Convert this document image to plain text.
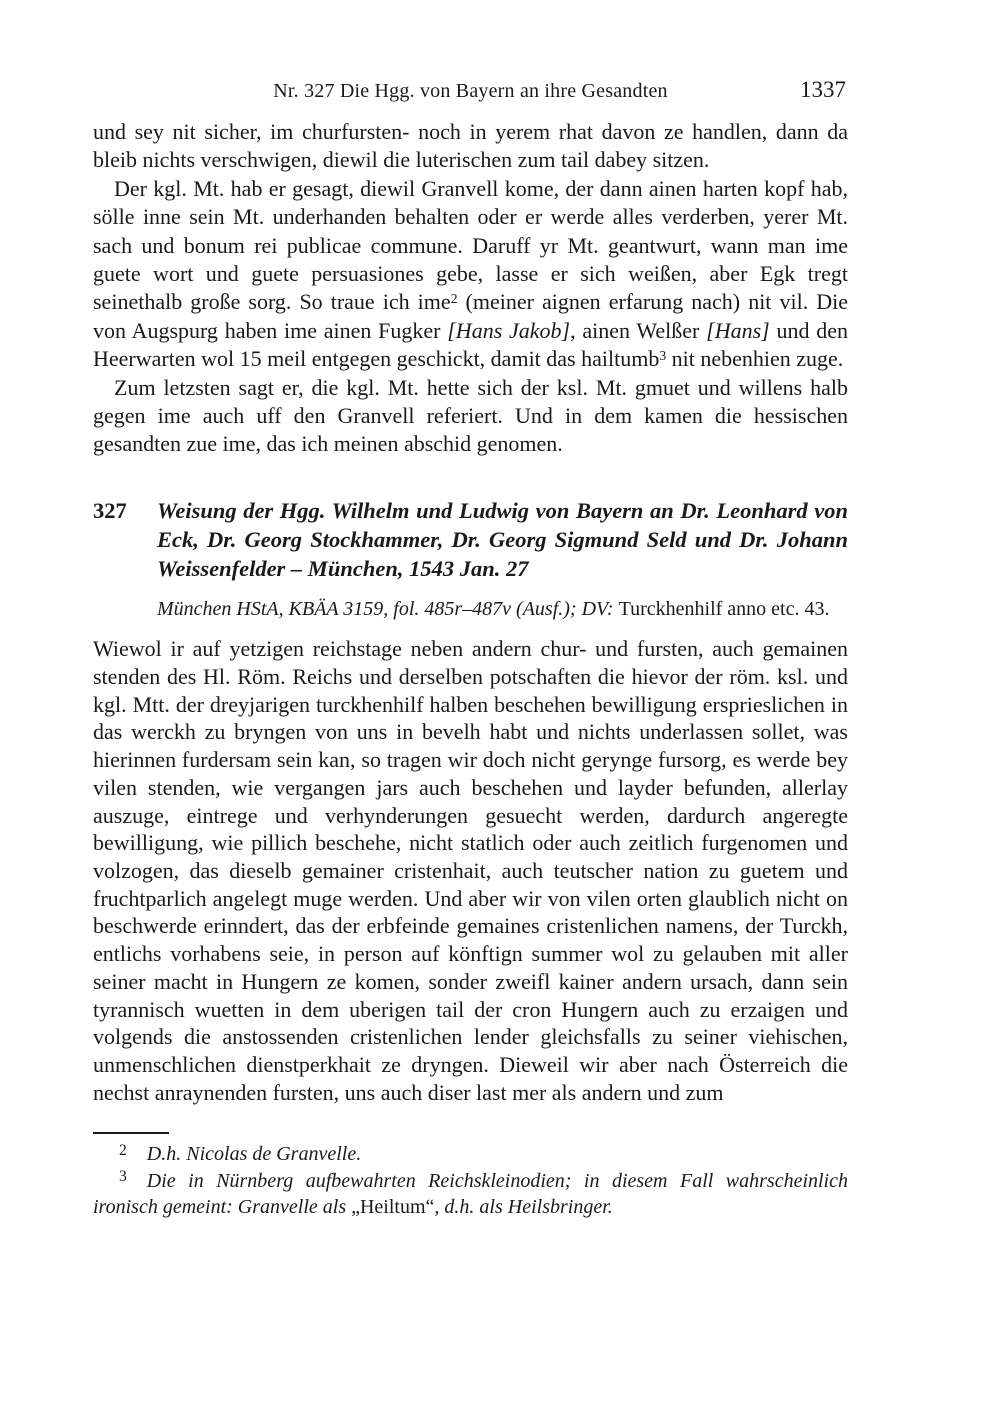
Nr. 327 Die Hgg. von Bayern an ihre Gesandten	1337

und sey nit sicher, im churfursten- noch in yerem rhat davon ze handlen, dann da bleib nichts verschwigen, diewil die luterischen zum tail dabey sitzen.

Der kgl. Mt. hab er gesagt, diewil Granvell kome, der dann ainen harten kopf hab, sölle inne sein Mt. underhanden behalten oder er werde alles verderben, yerer Mt. sach und bonum rei publicae commune. Daruff yr Mt. geantwurt, wann man ime guete wort und guete persuasiones gebe, lasse er sich weißen, aber Egk tregt seinethalb große sorg. So traue ich ime$^2$ (meiner aignen erfarung nach) nit vil. Die von Augspurg haben ime ainen Fugker [Hans Jakob], ainen Welßer [Hans] und den Heerwarten wol 15 meil entgegen geschickt, damit das hailtumb$^3$ nit nebenhien zuge.

Zum letzsten sagt er, die kgl. Mt. hette sich der ksl. Mt. gmuet und willens halb gegen ime auch uff den Granvell referiert. Und in dem kamen die hessischen gesandten zue ime, das ich meinen abschid genomen.

327	Weisung der Hgg. Wilhelm und Ludwig von Bayern an Dr. Leonhard von Eck, Dr. Georg Stockhammer, Dr. Georg Sigmund Seld und Dr. Johann Weissenfelder – München, 1543 Jan. 27

München HStA, KBÄA 3159, fol. 485r–487v (Ausf.); DV: Turckhenhilf anno etc. 43.

Wiewol ir auf yetzigen reichstage neben andern chur- und fursten, auch gemainen stenden des Hl. Röm. Reichs und derselben potschaften die hievor der röm. ksl. und kgl. Mtt. der dreyjarigen turckhenhilf halben beschehen bewilligung ersprieslichen in das werckh zu bryngen von uns in bevelh habt und nichts underlassen sollet, was hierinnen furdersam sein kan, so tragen wir doch nicht gerynge fursorg, es werde bey vilen stenden, wie vergangen jars auch beschehen und layder befunden, allerlay auszuge, eintrege und verhynderungen gesuecht werden, dardurch angeregte bewilligung, wie pillich beschehe, nicht statlich oder auch zeitlich furgenomen und volzogen, das dieselb gemainer cristenhait, auch teutscher nation zu guetem und fruchtparlich angelegt muge werden. Und aber wir von vilen orten glaublich nicht on beschwerde erinndert, das der erbfeinde gemaines cristenlichen namens, der Turckh, entlichs vorhabens seie, in person auf könftign summer wol zu gelauben mit aller seiner macht in Hungern ze komen, sonder zweifl kainer andern ursach, dann sein tyrannisch wuetten in dem uberigen tail der cron Hungern auch zu erzaigen und volgends die anstossenden cristenlichen lender gleichsfalls zu seiner viehischen, unmenschlichen dienstperkhait ze dryngen. Dieweil wir aber nach Österreich die nechst anraynenden fursten, uns auch diser last mer als andern und zum

$^2$ D.h. Nicolas de Granvelle.

$^3$ Die in Nürnberg aufbewahrten Reichskleinodien; in diesem Fall wahrscheinlich ironisch gemeint: Granvelle als „Heiltum“, d.h. als Heilsbringer.
